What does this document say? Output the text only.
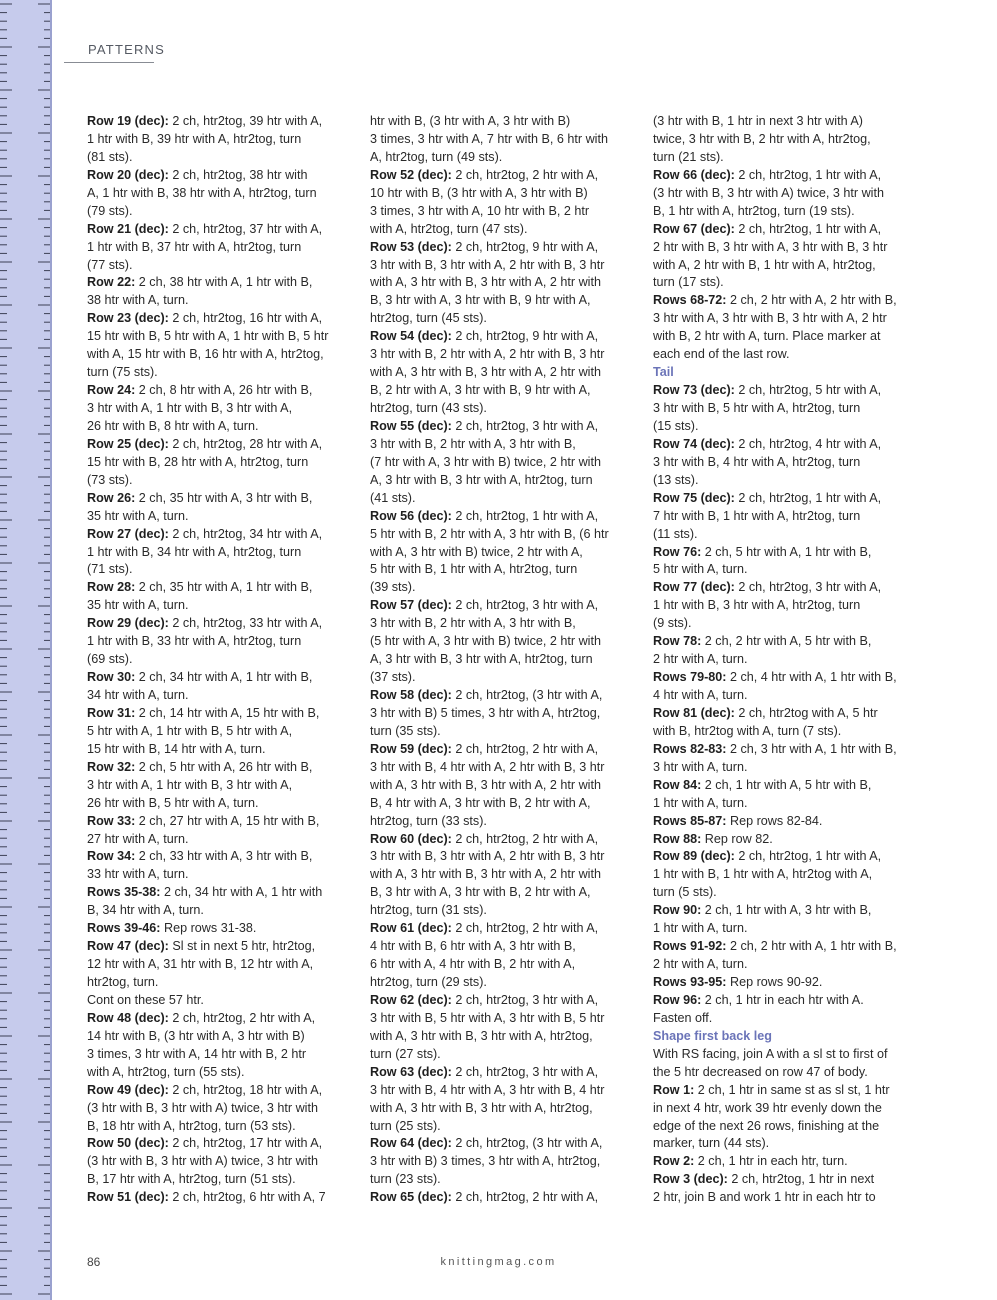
PATTERNS
Row 19 (dec): 2 ch, htr2tog, 39 htr with A,
1 htr with B, 39 htr with A, htr2tog, turn
(81 sts).
Row 20 (dec): 2 ch, htr2tog, 38 htr with
A, 1 htr with B, 38 htr with A, htr2tog, turn
(79 sts).
Row 21 (dec): 2 ch, htr2tog, 37 htr with A,
1 htr with B, 37 htr with A, htr2tog, turn
(77 sts).
Row 22: 2 ch, 38 htr with A, 1 htr with B,
38 htr with A, turn.
Row 23 (dec): 2 ch, htr2tog, 16 htr with A,
15 htr with B, 5 htr with A, 1 htr with B, 5 htr
with A, 15 htr with B, 16 htr with A, htr2tog,
turn (75 sts).
Row 24: 2 ch, 8 htr with A, 26 htr with B,
3 htr with A, 1 htr with B, 3 htr with A,
26 htr with B, 8 htr with A, turn.
Row 25 (dec): 2 ch, htr2tog, 28 htr with A,
15 htr with B, 28 htr with A, htr2tog, turn
(73 sts).
Row 26: 2 ch, 35 htr with A, 3 htr with B,
35 htr with A, turn.
Row 27 (dec): 2 ch, htr2tog, 34 htr with A,
1 htr with B, 34 htr with A, htr2tog, turn
(71 sts).
Row 28: 2 ch, 35 htr with A, 1 htr with B,
35 htr with A, turn.
Row 29 (dec): 2 ch, htr2tog, 33 htr with A,
1 htr with B, 33 htr with A, htr2tog, turn
(69 sts).
Row 30: 2 ch, 34 htr with A, 1 htr with B,
34 htr with A, turn.
Row 31: 2 ch, 14 htr with A, 15 htr with B,
5 htr with A, 1 htr with B, 5 htr with A,
15 htr with B, 14 htr with A, turn.
Row 32: 2 ch, 5 htr with A, 26 htr with B,
3 htr with A, 1 htr with B, 3 htr with A,
26 htr with B, 5 htr with A, turn.
Row 33: 2 ch, 27 htr with A, 15 htr with B,
27 htr with A, turn.
Row 34: 2 ch, 33 htr with A, 3 htr with B,
33 htr with A, turn.
Rows 35-38: 2 ch, 34 htr with A, 1 htr with
B, 34 htr with A, turn.
Rows 39-46: Rep rows 31-38.
Row 47 (dec): Sl st in next 5 htr, htr2tog,
12 htr with A, 31 htr with B, 12 htr with A,
htr2tog, turn.
Cont on these 57 htr.
Row 48 (dec): 2 ch, htr2tog, 2 htr with A,
14 htr with B, (3 htr with A, 3 htr with B)
3 times, 3 htr with A, 14 htr with B, 2 htr
with A, htr2tog, turn (55 sts).
Row 49 (dec): 2 ch, htr2tog, 18 htr with A,
(3 htr with B, 3 htr with A) twice, 3 htr with
B, 18 htr with A, htr2tog, turn (53 sts).
Row 50 (dec): 2 ch, htr2tog, 17 htr with A,
(3 htr with B, 3 htr with A) twice, 3 htr with
B, 17 htr with A, htr2tog, turn (51 sts).
Row 51 (dec): 2 ch, htr2tog, 6 htr with A, 7
htr with B, (3 htr with A, 3 htr with B)
3 times, 3 htr with A, 7 htr with B, 6 htr with
A, htr2tog, turn (49 sts).
Row 52 (dec): 2 ch, htr2tog, 2 htr with A,
10 htr with B, (3 htr with A, 3 htr with B)
3 times, 3 htr with A, 10 htr with B, 2 htr
with A, htr2tog, turn (47 sts).
Row 53 (dec): 2 ch, htr2tog, 9 htr with A,
3 htr with B, 3 htr with A, 2 htr with B, 3 htr
with A, 3 htr with B, 3 htr with A, 2 htr with
B, 3 htr with A, 3 htr with B, 9 htr with A,
htr2tog, turn (45 sts).
Row 54 (dec): 2 ch, htr2tog, 9 htr with A,
3 htr with B, 2 htr with A, 2 htr with B, 3 htr
with A, 3 htr with B, 3 htr with A, 2 htr with
B, 2 htr with A, 3 htr with B, 9 htr with A,
htr2tog, turn (43 sts).
Row 55 (dec): 2 ch, htr2tog, 3 htr with A,
3 htr with B, 2 htr with A, 3 htr with B,
(7 htr with A, 3 htr with B) twice, 2 htr with
A, 3 htr with B, 3 htr with A, htr2tog, turn
(41 sts).
Row 56 (dec): 2 ch, htr2tog, 1 htr with A,
5 htr with B, 2 htr with A, 3 htr with B, (6 htr
with A, 3 htr with B) twice, 2 htr with A,
5 htr with B, 1 htr with A, htr2tog, turn
(39 sts).
Row 57 (dec): 2 ch, htr2tog, 3 htr with A,
3 htr with B, 2 htr with A, 3 htr with B,
(5 htr with A, 3 htr with B) twice, 2 htr with
A, 3 htr with B, 3 htr with A, htr2tog, turn
(37 sts).
Row 58 (dec): 2 ch, htr2tog, (3 htr with A,
3 htr with B) 5 times, 3 htr with A, htr2tog,
turn (35 sts).
Row 59 (dec): 2 ch, htr2tog, 2 htr with A,
3 htr with B, 4 htr with A, 2 htr with B, 3 htr
with A, 3 htr with B, 3 htr with A, 2 htr with
B, 4 htr with A, 3 htr with B, 2 htr with A,
htr2tog, turn (33 sts).
Row 60 (dec): 2 ch, htr2tog, 2 htr with A,
3 htr with B, 3 htr with A, 2 htr with B, 3 htr
with A, 3 htr with B, 3 htr with A, 2 htr with
B, 3 htr with A, 3 htr with B, 2 htr with A,
htr2tog, turn (31 sts).
Row 61 (dec): 2 ch, htr2tog, 2 htr with A,
4 htr with B, 6 htr with A, 3 htr with B,
6 htr with A, 4 htr with B, 2 htr with A,
htr2tog, turn (29 sts).
Row 62 (dec): 2 ch, htr2tog, 3 htr with A,
3 htr with B, 5 htr with A, 3 htr with B, 5 htr
with A, 3 htr with B, 3 htr with A, htr2tog,
turn (27 sts).
Row 63 (dec): 2 ch, htr2tog, 3 htr with A,
3 htr with B, 4 htr with A, 3 htr with B, 4 htr
with A, 3 htr with B, 3 htr with A, htr2tog,
turn (25 sts).
Row 64 (dec): 2 ch, htr2tog, (3 htr with A,
3 htr with B) 3 times, 3 htr with A, htr2tog,
turn (23 sts).
Row 65 (dec): 2 ch, htr2tog, 2 htr with A,
(3 htr with B, 1 htr in next 3 htr with A)
twice, 3 htr with B, 2 htr with A, htr2tog,
turn (21 sts).
Row 66 (dec): 2 ch, htr2tog, 1 htr with A,
(3 htr with B, 3 htr with A) twice, 3 htr with
B, 1 htr with A, htr2tog, turn (19 sts).
Row 67 (dec): 2 ch, htr2tog, 1 htr with A,
2 htr with B, 3 htr with A, 3 htr with B, 3 htr
with A, 2 htr with B, 1 htr with A, htr2tog,
turn (17 sts).
Rows 68-72: 2 ch, 2 htr with A, 2 htr with B,
3 htr with A, 3 htr with B, 3 htr with A, 2 htr
with B, 2 htr with A, turn. Place marker at
each end of the last row.
Tail
Row 73 (dec): 2 ch, htr2tog, 5 htr with A,
3 htr with B, 5 htr with A, htr2tog, turn
(15 sts).
Row 74 (dec): 2 ch, htr2tog, 4 htr with A,
3 htr with B, 4 htr with A, htr2tog, turn
(13 sts).
Row 75 (dec): 2 ch, htr2tog, 1 htr with A,
7 htr with B, 1 htr with A, htr2tog, turn
(11 sts).
Row 76: 2 ch, 5 htr with A, 1 htr with B,
5 htr with A, turn.
Row 77 (dec): 2 ch, htr2tog, 3 htr with A,
1 htr with B, 3 htr with A, htr2tog, turn
(9 sts).
Row 78: 2 ch, 2 htr with A, 5 htr with B,
2 htr with A, turn.
Rows 79-80: 2 ch, 4 htr with A, 1 htr with B,
4 htr with A, turn.
Row 81 (dec): 2 ch, htr2tog with A, 5 htr
with B, htr2tog with A, turn (7 sts).
Rows 82-83: 2 ch, 3 htr with A, 1 htr with B,
3 htr with A, turn.
Row 84: 2 ch, 1 htr with A, 5 htr with B,
1 htr with A, turn.
Rows 85-87: Rep rows 82-84.
Row 88: Rep row 82.
Row 89 (dec): 2 ch, htr2tog, 1 htr with A,
1 htr with B, 1 htr with A, htr2tog with A,
turn (5 sts).
Row 90: 2 ch, 1 htr with A, 3 htr with B,
1 htr with A, turn.
Rows 91-92: 2 ch, 2 htr with A, 1 htr with B,
2 htr with A, turn.
Rows 93-95: Rep rows 90-92.
Row 96: 2 ch, 1 htr in each htr with A.
Fasten off.
Shape first back leg
With RS facing, join A with a sl st to first of
the 5 htr decreased on row 47 of body.
Row 1: 2 ch, 1 htr in same st as sl st, 1 htr
in next 4 htr, work 39 htr evenly down the
edge of the next 26 rows, finishing at the
marker, turn (44 sts).
Row 2: 2 ch, 1 htr in each htr, turn.
Row 3 (dec): 2 ch, htr2tog, 1 htr in next
2 htr, join B and work 1 htr in each htr to
86	knittingmag.com
